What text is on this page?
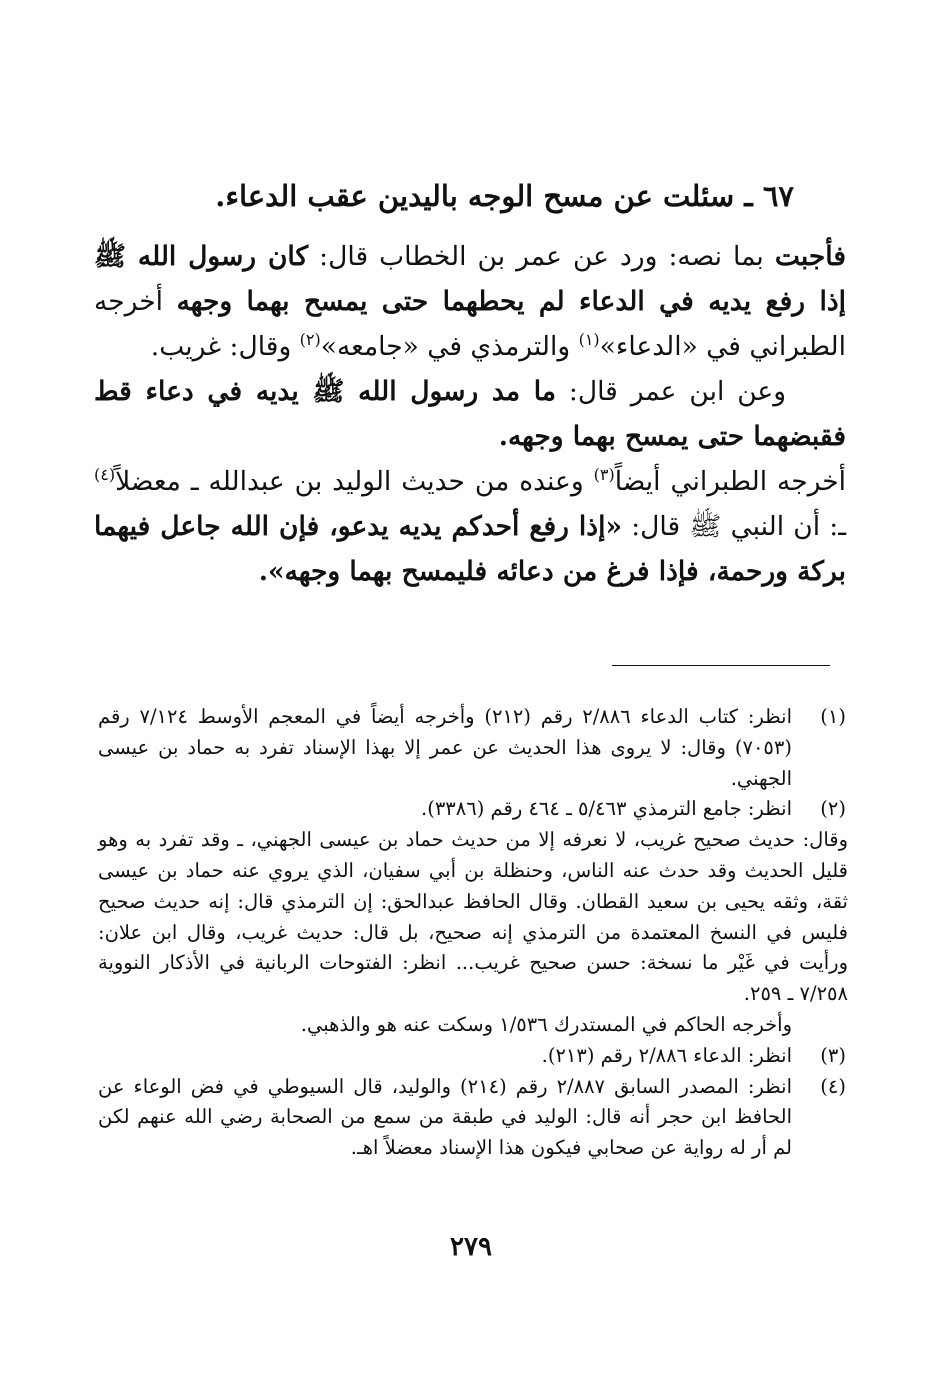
٦٧ ـ سئلت عن مسح الوجه باليدين عقب الدعاء.

فأجبت بما نصه: ورد عن عمر بن الخطاب قال: كان رسول الله ﷺ إذا رفع يديه في الدعاء لم يحطهما حتى يمسح بهما وجهه أخرجه الطبراني في «الدعاء»$^{(١)}$ والترمذي في «جامعه»$^{(٢)}$ وقال: غريب.

وعن ابن عمر قال: ما مد رسول الله ﷺ يديه في دعاء قط فقبضهما حتى يمسح بهما وجهه.

أخرجه الطبراني أيضاً$^{(٣)}$ وعنده من حديث الوليد بن عبدالله ـ معضلاً$^{(٤)}$ ـ: أن النبي ﷺ قال: «إذا رفع أحدكم يديه يدعو، فإن الله جاعل فيهما بركة ورحمة، فإذا فرغ من دعائه فليمسح بهما وجهه».

(١)

انظر: كتاب الدعاء ٢/٨٨٦ رقم (٢١٢) وأخرجه أيضاً في المعجم الأوسط ٧/١٢٤ رقم (٧٠٥٣) وقال: لا يروى هذا الحديث عن عمر إلا بهذا الإسناد تفرد به حماد بن عيسى الجهني.

(٢)

انظر: جامع الترمذي ٥/٤٦٣ ـ ٤٦٤ رقم (٣٣٨٦).

وقال: حديث صحيح غريب، لا نعرفه إلا من حديث حماد بن عيسى الجهني، ـ وقد تفرد به وهو قليل الحديث وقد حدث عنه الناس، وحنظلة بن أبي سفيان، الذي يروي عنه حماد بن عيسى ثقة، وثقه يحيى بن سعيد القطان. وقال الحافظ عبدالحق: إن الترمذي قال: إنه حديث صحيح فليس في النسخ المعتمدة من الترمذي إنه صحيح، بل قال: حديث غريب، وقال ابن علان: ورأيت في غَيْر ما نسخة: حسن صحيح غريب... انظر: الفتوحات الربانية في الأذكار النووية ٧/٢٥٨ ـ ٢٥٩.

وأخرجه الحاكم في المستدرك ١/٥٣٦ وسكت عنه هو والذهبي.

(٣)

انظر: الدعاء ٢/٨٨٦ رقم (٢١٣).

(٤)

انظر: المصدر السابق ٢/٨٨٧ رقم (٢١٤) والوليد، قال السيوطي في فض الوعاء عن الحافظ ابن حجر أنه قال: الوليد في طبقة من سمع من الصحابة رضي الله عنهم لكن لم أر له رواية عن صحابي فيكون هذا الإسناد معضلاً اهـ.

٢٧٩
